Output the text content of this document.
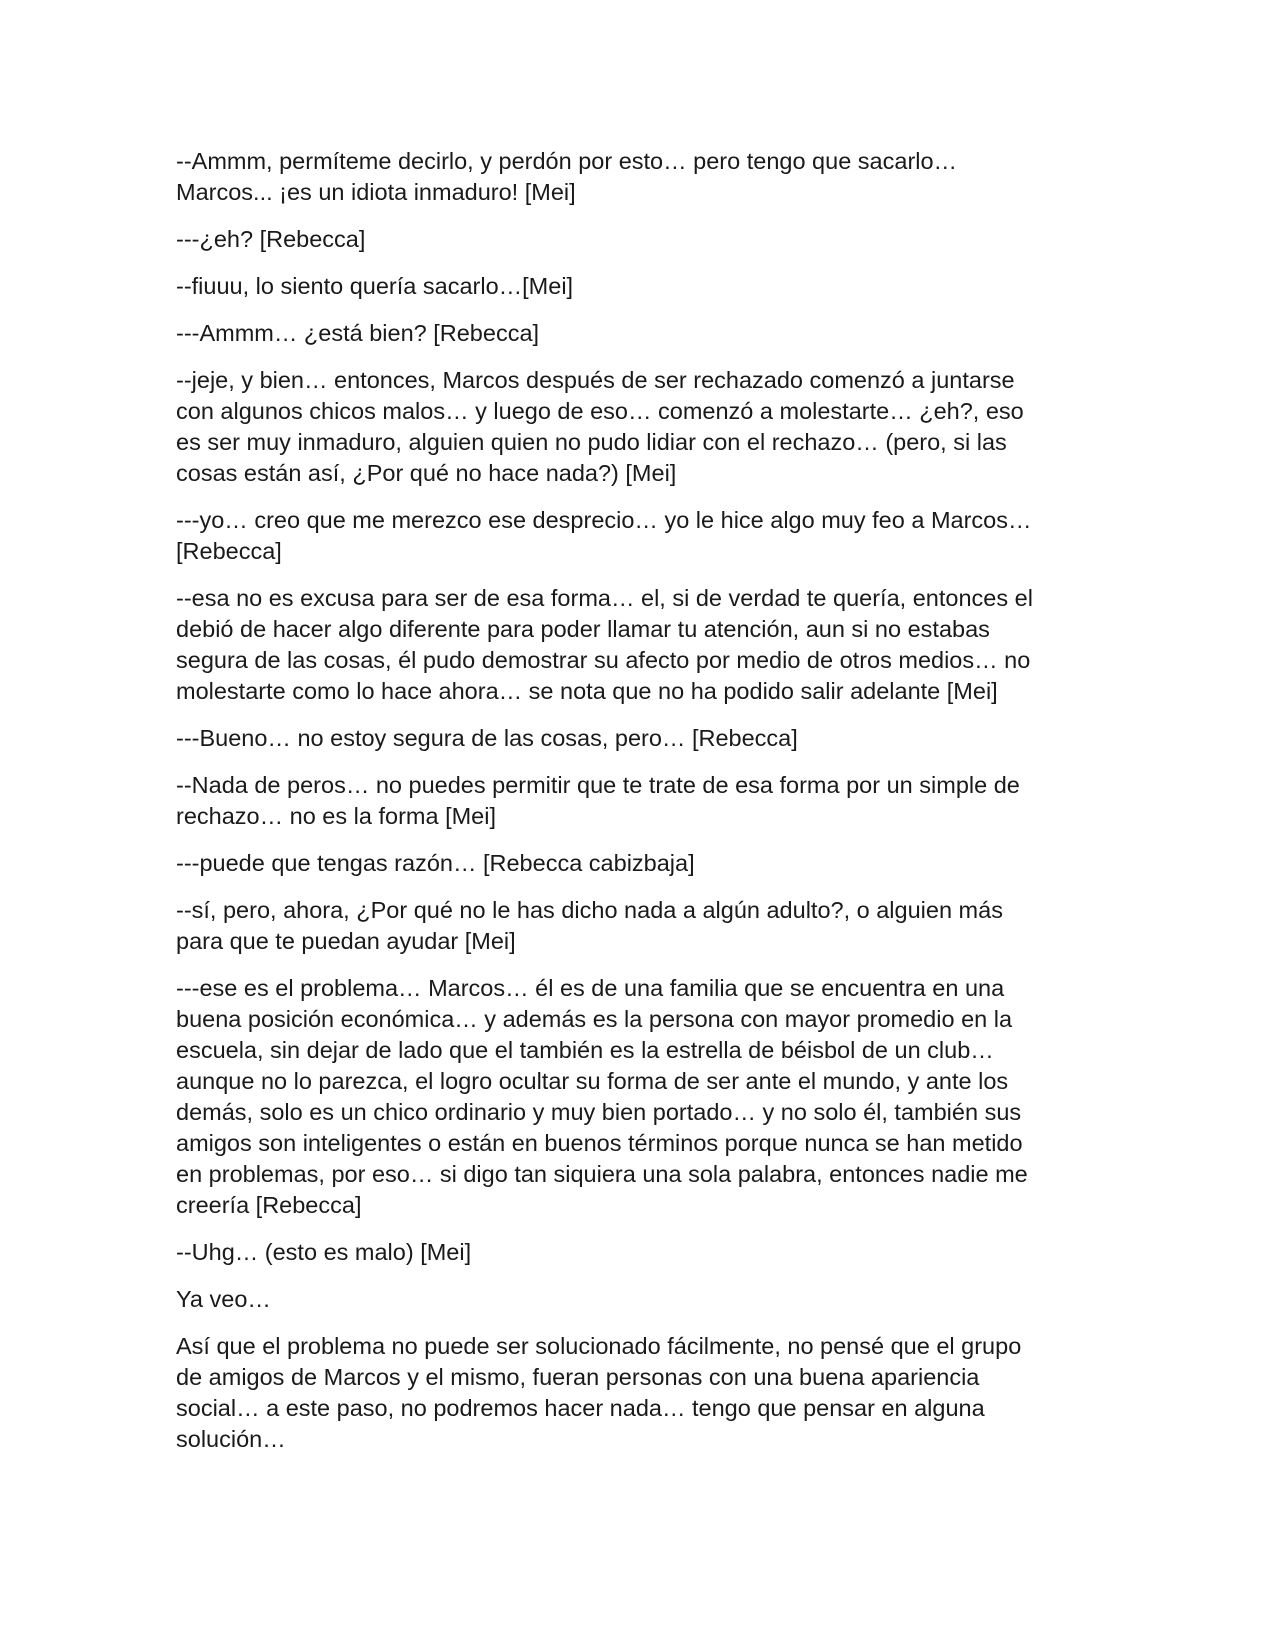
--Ammm, permíteme decirlo, y perdón por esto… pero tengo que sacarlo…
Marcos... ¡es un idiota inmaduro! [Mei]

---¿eh? [Rebecca]

--fiuuu, lo siento quería sacarlo…[Mei]

---Ammm… ¿está bien? [Rebecca]

--jeje, y bien… entonces, Marcos después de ser rechazado comenzó a juntarse
con algunos chicos malos… y luego de eso… comenzó a molestarte… ¿eh?, eso
es ser muy inmaduro, alguien quien no pudo lidiar con el rechazo… (pero, si las
cosas están así, ¿Por qué no hace nada?) [Mei]

---yo… creo que me merezco ese desprecio… yo le hice algo muy feo a Marcos…
[Rebecca]

--esa no es excusa para ser de esa forma… el, si de verdad te quería, entonces el
debió de hacer algo diferente para poder llamar tu atención, aun si no estabas
segura de las cosas, él pudo demostrar su afecto por medio de otros medios… no
molestarte como lo hace ahora… se nota que no ha podido salir adelante [Mei]

---Bueno… no estoy segura de las cosas, pero… [Rebecca]

--Nada de peros… no puedes permitir que te trate de esa forma por un simple de
rechazo… no es la forma [Mei]

---puede que tengas razón… [Rebecca cabizbaja]

--sí, pero, ahora, ¿Por qué no le has dicho nada a algún adulto?, o alguien más
para que te puedan ayudar [Mei]

---ese es el problema… Marcos… él es de una familia que se encuentra en una
buena posición económica… y además es la persona con mayor promedio en la
escuela, sin dejar de lado que el también es la estrella de béisbol de un club…
aunque no lo parezca, el logro ocultar su forma de ser ante el mundo, y ante los
demás, solo es un chico ordinario y muy bien portado… y no solo él, también sus
amigos son inteligentes o están en buenos términos porque nunca se han metido
en problemas, por eso… si digo tan siquiera una sola palabra, entonces nadie me
creería [Rebecca]

--Uhg… (esto es malo) [Mei]

Ya veo…

Así que el problema no puede ser solucionado fácilmente, no pensé que el grupo
de amigos de Marcos y el mismo, fueran personas con una buena apariencia
social… a este paso, no podremos hacer nada… tengo que pensar en alguna
solución…
